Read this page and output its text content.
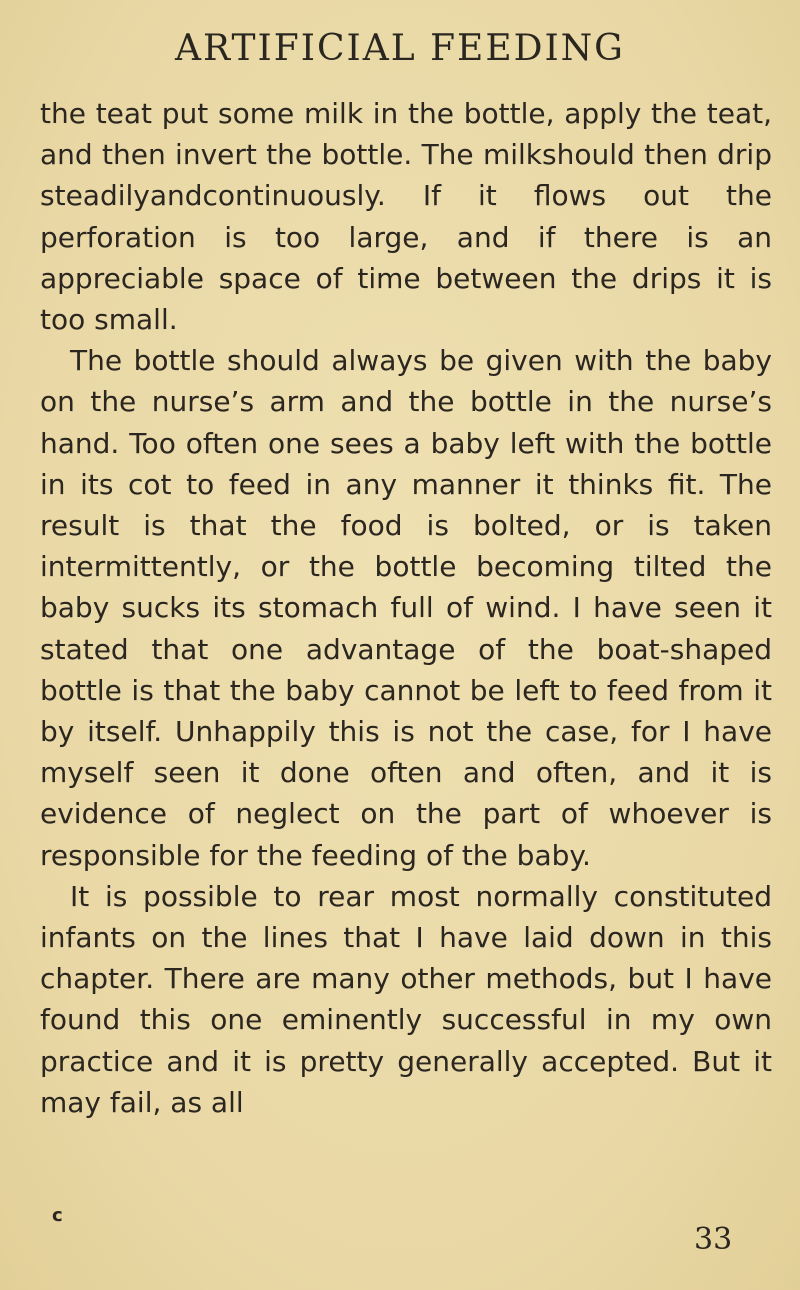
ARTIFICIAL FEEDING

the teat put some milk in the bottle, apply the teat, and then invert the bottle. The milkshould then drip steadilyandcontinuously. If it flows out the perforation is too large, and if there is an appreciable space of time between the drips it is too small.

The bottle should always be given with the baby on the nurse’s arm and the bottle in the nurse’s hand. Too often one sees a baby left with the bottle in its cot to feed in any manner it thinks fit. The result is that the food is bolted, or is taken intermittently, or the bottle becoming tilted the baby sucks its stomach full of wind. I have seen it stated that one advantage of the boat-shaped bottle is that the baby cannot be left to feed from it by itself. Unhappily this is not the case, for I have myself seen it done often and often, and it is evidence of neglect on the part of whoever is responsible for the feeding of the baby.

It is possible to rear most normally constituted infants on the lines that I have laid down in this chapter. There are many other methods, but I have found this one eminently successful in my own practice and it is pretty generally accepted. But it may fail, as all

c
33
